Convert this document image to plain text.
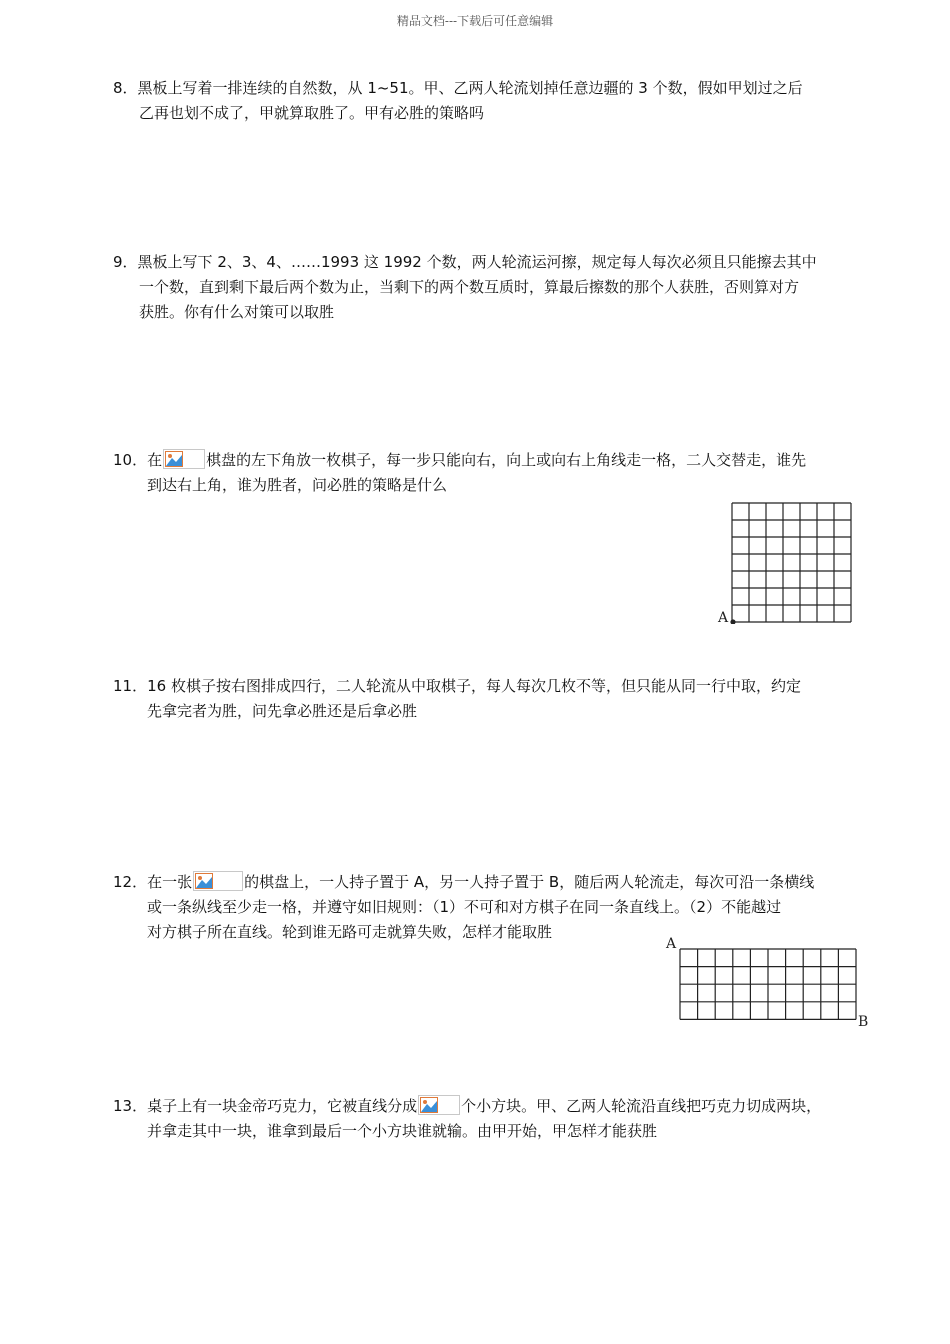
精品文档---下载后可任意编辑
8．黑板上写着一排连续的自然数，从 1~51。甲、乙两人轮流划掉任意边疆的 3 个数，假如甲划过之后
乙再也划不成了，甲就算取胜了。甲有必胜的策略吗
9．黑板上写下 2、3、4、……1993 这 1992 个数，两人轮流运河擦，规定每人每次必须且只能擦去其中
一个数，直到剩下最后两个数为止，当剩下的两个数互质时，算最后擦数的那个人获胜，否则算对方
获胜。你有什么对策可以取胜
10．在	棋盘的左下角放一枚棋子，每一步只能向右，向上或向右上角线走一格，二人交替走，谁先
到达右上角，谁为胜者，问必胜的策略是什么
A
11．16 枚棋子按右图排成四行，二人轮流从中取棋子，每人每次几枚不等，但只能从同一行中取，约定
先拿完者为胜，问先拿必胜还是后拿必胜
12．在一张	的棋盘上，一人持子置于 A，另一人持子置于 B，随后两人轮流走，每次可沿一条横线
或一条纵线至少走一格，并遵守如旧规则：（1）不可和对方棋子在同一条直线上。（2）不能越过
对方棋子所在直线。轮到谁无路可走就算失败，怎样才能取胜
A
B
13．桌子上有一块金帝巧克力，它被直线分成	个小方块。甲、乙两人轮流沿直线把巧克力切成两块，
并拿走其中一块，谁拿到最后一个小方块谁就输。由甲开始，甲怎样才能获胜
